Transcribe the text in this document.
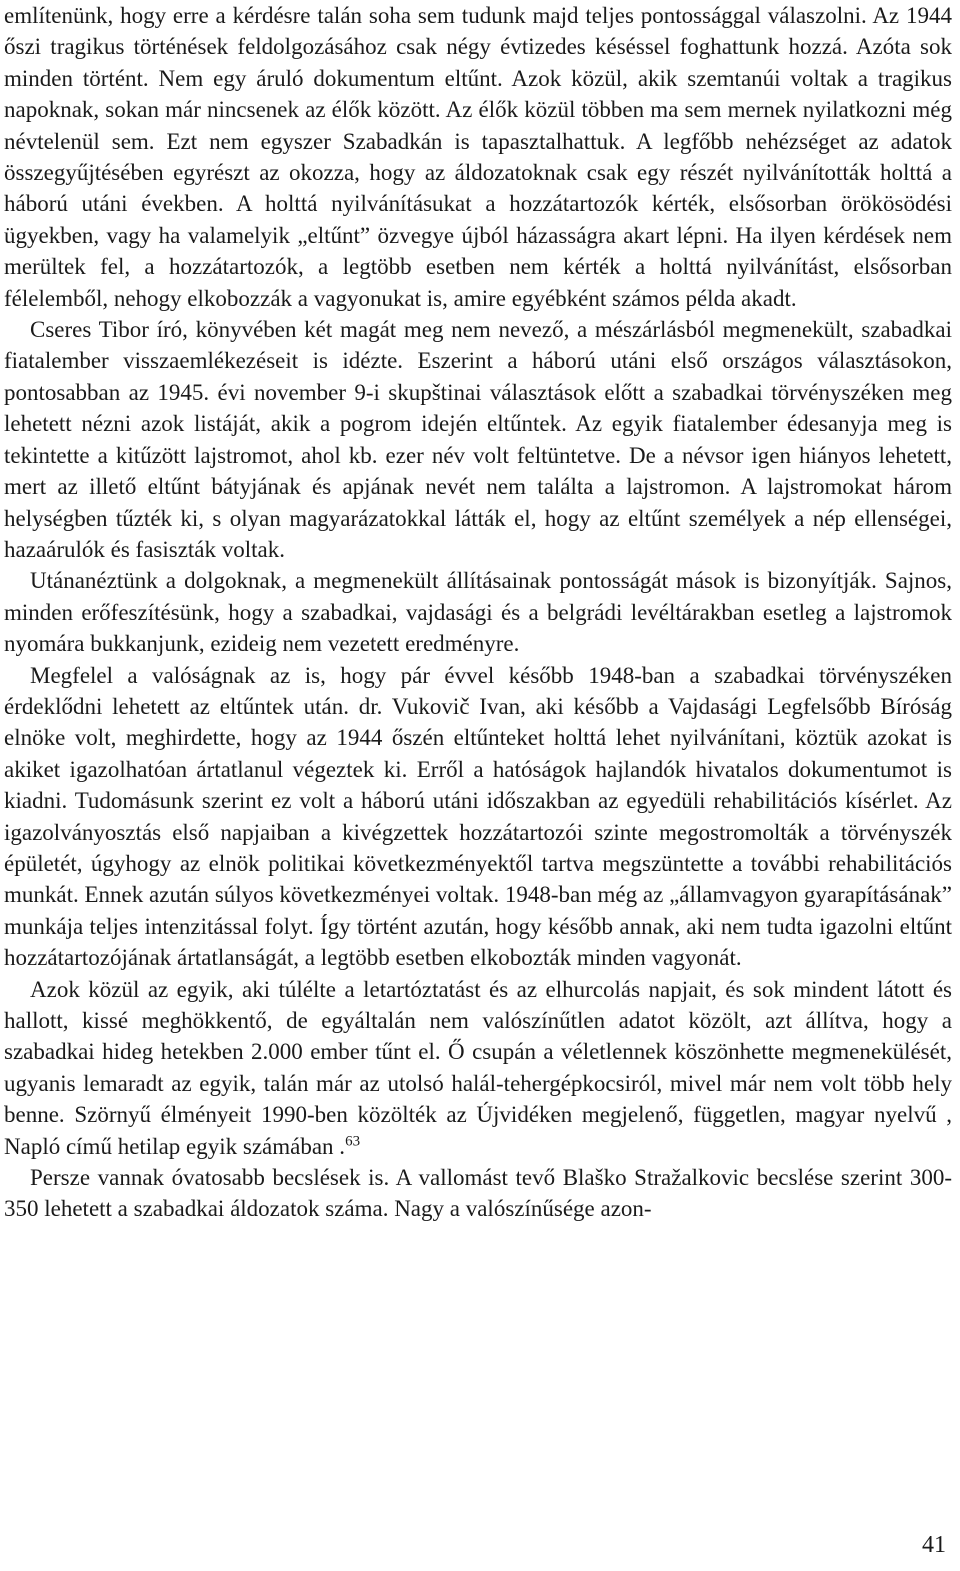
említenünk, hogy erre a kérdésre talán soha sem tudunk majd teljes pontossággal válaszolni. Az 1944 őszi tragikus történések feldolgozásához csak négy évtizedes késéssel foghattunk hozzá. Azóta sok minden történt. Nem egy áruló dokumentum eltűnt. Azok közül, akik szemtanúi voltak a tragikus napoknak, sokan már nincsenek az élők között. Az élők közül többen ma sem mernek nyilatkozni még névtelenül sem. Ezt nem egyszer Szabadkán is tapasztalhattuk. A legfőbb nehézséget az adatok összegyűjtésében egyrészt az okozza, hogy az áldozatoknak csak egy részét nyilvánították holttá a háború utáni években. A holttá nyilvánításukat a hozzátartozók kérték, elsősorban örökösödési ügyekben, vagy ha valamelyik „eltűnt” özvegye újból házasságra akart lépni. Ha ilyen kérdések nem merültek fel, a hozzátartozók, a legtöbb esetben nem kérték a holttá nyilvánítást, elsősorban félelemből, nehogy elkobozzák a vagyonukat is, amire egyébként számos példa akadt.

Cseres Tibor író, könyvében két magát meg nem nevező, a mészárlásból megmenekült, szabadkai fiatalember visszaemlékezéseit is idézte. Eszerint a háború utáni első országos választásokon, pontosabban az 1945. évi november 9-i skupštinai választások előtt a szabadkai törvényszéken meg lehetett nézni azok listáját, akik a pogrom idején eltűntek. Az egyik fiatalember édesanyja meg is tekintette a kitűzött lajstromot, ahol kb. ezer név volt feltüntetve. De a névsor igen hiányos lehetett, mert az illető eltűnt bátyjának és apjának nevét nem találta a lajstromon. A lajstromokat három helységben tűzték ki, s olyan magyarázatokkal látták el, hogy az eltűnt személyek a nép ellenségei, hazaárulók és fasiszták voltak.

Utánanéztünk a dolgoknak, a megmenekült állításainak pontosságát mások is bizonyítják. Sajnos, minden erőfeszítésünk, hogy a szabadkai, vajdasági és a belgrádi levéltárakban esetleg a lajstromok nyomára bukkanjunk, ezideig nem vezetett eredményre.

Megfelel a valóságnak az is, hogy pár évvel később 1948-ban a szabadkai törvényszéken érdeklődni lehetett az eltűntek után. dr. Vukovič Ivan, aki később a Vajdasági Legfelsőbb Bíróság elnöke volt, meghirdette, hogy az 1944 őszén eltűnteket holttá lehet nyilvánítani, köztük azokat is akiket igazolhatóan ártatlanul végeztek ki. Erről a hatóságok hajlandók hivatalos dokumentumot is kiadni. Tudomásunk szerint ez volt a háború utáni időszakban az egyedüli rehabilitációs kísérlet. Az igazolványosztás első napjaiban a kivégzettek hozzátartozói szinte megostromolták a törvényszék épületét, úgyhogy az elnök politikai következményektől tartva megszüntette a további rehabilitációs munkát. Ennek azután súlyos következményei voltak. 1948-ban még az „államvagyon gyarapításának” munkája teljes intenzitással folyt. Így történt azután, hogy később annak, aki nem tudta igazolni eltűnt hozzátartozójának ártatlanságát, a legtöbb esetben elkobozták minden vagyonát.

Azok közül az egyik, aki túlélte a letartóztatást és az elhurcolás napjait, és sok mindent látott és hallott, kissé meghökkentő, de egyáltalán nem valószínűtlen adatot közölt, azt állítva, hogy a szabadkai hideg hetekben 2.000 ember tűnt el. Ő csupán a véletlennek köszönhette megmenekülését, ugyanis lemaradt az egyik, talán már az utolsó halál-tehergépkocsiról, mivel már nem volt több hely benne. Szörnyű élményeit 1990-ben közölték az Újvidéken megjelenő, független, magyar nyelvű , Napló című hetilap egyik számában .$^{63}$

Persze vannak óvatosabb becslések is. A vallomást tevő Blaško Stražalkovic becslése szerint 300-350 lehetett a szabadkai áldozatok száma. Nagy a valószínűsége azon-

41
